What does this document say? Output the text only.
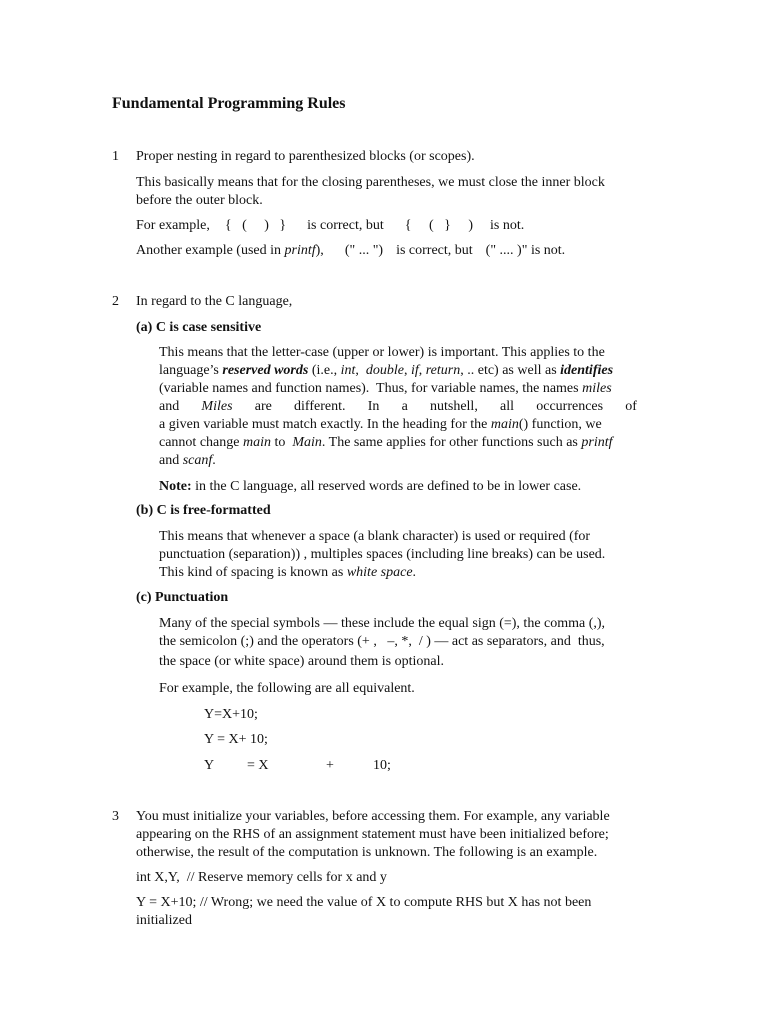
Fundamental Programming Rules
1 Proper nesting in regard to parenthesized blocks (or scopes).
This basically means that for the closing parentheses, we must close the inner block
before the outer block.
For example, {   (     )   } is correct, but {     (   }     ) is not.
Another example (used in printf), (" ... ") is correct, but (" .... )" is not.
2 In regard to the C language,
(a) C is case sensitive
This means that the letter-case (upper or lower) is important. This applies to the
language’s reserved words (i.e., int,  double, if, return, .. etc) as well as identifies
(variable names and function names).  Thus, for variable names, the names miles
and Miles are different. In a nutshell, all occurrences of
a given variable must match exactly. In the heading for the main() function, we
cannot change main to  Main. The same applies for other functions such as printf
and scanf.
Note: in the C language, all reserved words are defined to be in lower case.
(b) C is free-formatted
This means that whenever a space (a blank character) is used or required (for
punctuation (separation)) , multiples spaces (including line breaks) can be used.
This kind of spacing is known as white space.
(c) Punctuation
Many of the special symbols — these include the equal sign (=), the comma (,),
the semicolon (;) and the operators (+ ,   –, *,  / ) — act as separators, and  thus,
the space (or white space) around them is optional.
For example, the following are all equivalent.
Y=X+10;
Y = X+ 10;
Y = X	+	10;
3 You must initialize your variables, before accessing them. For example, any variable
appearing on the RHS of an assignment statement must have been initialized before;
otherwise, the result of the computation is unknown. The following is an example.
int X,Y,  // Reserve memory cells for x and y
Y = X+10; // Wrong; we need the value of X to compute RHS but X has not been
initialized
